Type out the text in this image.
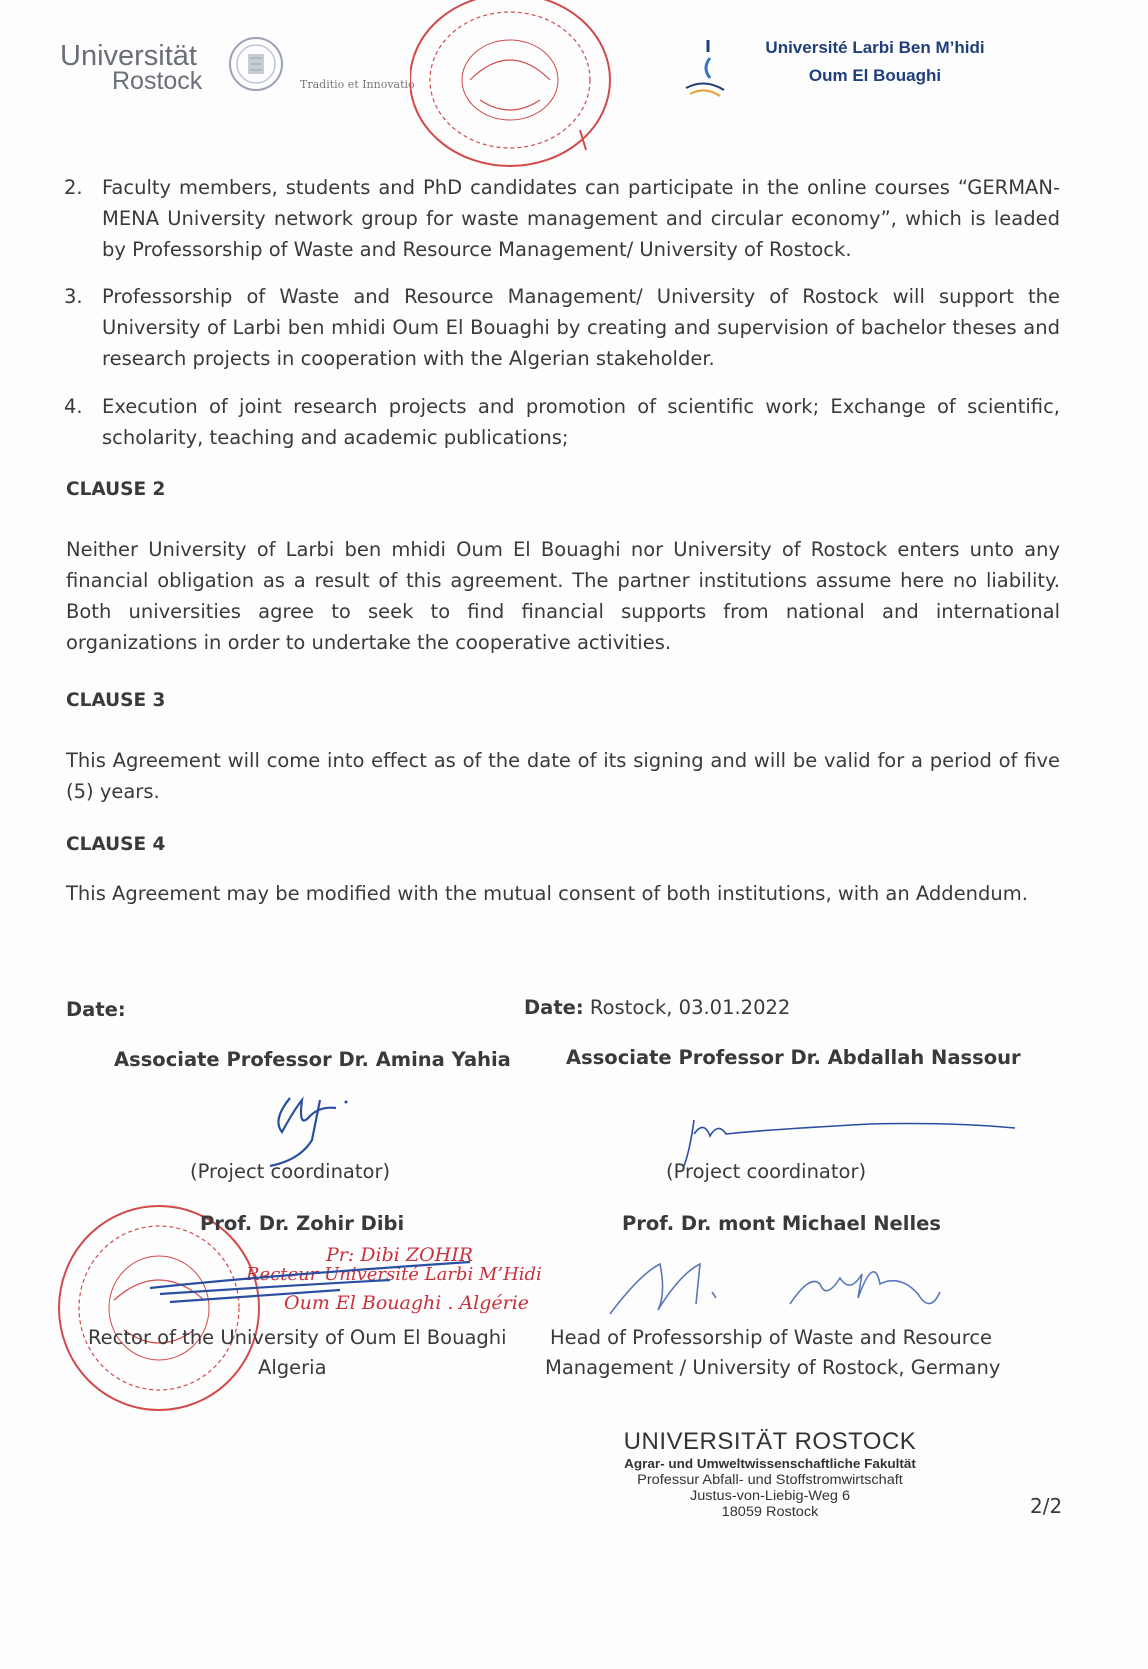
Universität
Rostock	Traditio et Innovatio
Université Larbi Ben M’hidi
Oum El Bouaghi
2. Faculty members, students and PhD candidates can participate in the online courses “GERMAN-MENA University network group for waste management and circular economy”, which is leaded by Professorship of Waste and Resource Management/ University of Rostock.
3. Professorship of Waste and Resource Management/ University of Rostock will support the University of Larbi ben mhidi Oum El Bouaghi by creating and supervision of bachelor theses and research projects in cooperation with the Algerian stakeholder.
4. Execution of joint research projects and promotion of scientific work; Exchange of scientific, scholarity, teaching and academic publications;
CLAUSE 2
Neither University of Larbi ben mhidi Oum El Bouaghi nor University of Rostock enters unto any financial obligation as a result of this agreement. The partner institutions assume here no liability. Both universities agree to seek to find financial supports from national and international organizations in order to undertake the cooperative activities.
CLAUSE 3
This Agreement will come into effect as of the date of its signing and will be valid for a period of five (5) years.
CLAUSE 4
This Agreement may be modified with the mutual consent of both institutions, with an Addendum.
Date:
Associate Professor Dr. Amina Yahia
(Project coordinator)
Prof. Dr. Zohir Dibi
Pr: Dibi ZOHIR
Recteur Université Larbi M’Hidi
Oum El Bouaghi . Algérie
Rector of the University of Oum El Bouaghi
Algeria
Date: Rostock, 03.01.2022
Associate Professor Dr. Abdallah Nassour
(Project coordinator)
Prof. Dr. mont Michael Nelles
Head of Professorship of Waste and Resource
Management / University of Rostock, Germany
UNIVERSITÄT ROSTOCK
Agrar- und Umweltwissenschaftliche Fakultät
Professur Abfall- und Stoffstromwirtschaft
Justus-von-Liebig-Weg 6
18059 Rostock	2/2
